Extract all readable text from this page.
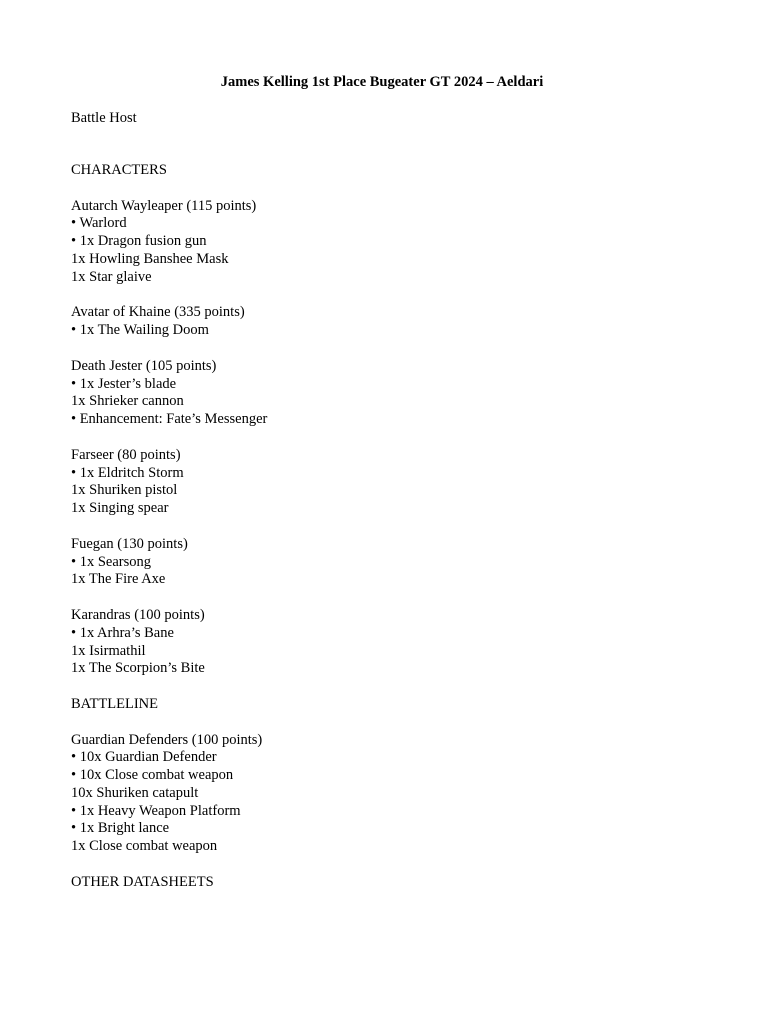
James Kelling 1st Place Bugeater GT 2024 – Aeldari
Battle Host
CHARACTERS
Autarch Wayleaper (115 points)
• Warlord
• 1x Dragon fusion gun
1x Howling Banshee Mask
1x Star glaive
Avatar of Khaine (335 points)
• 1x The Wailing Doom
Death Jester (105 points)
• 1x Jester’s blade
1x Shrieker cannon
• Enhancement: Fate’s Messenger
Farseer (80 points)
• 1x Eldritch Storm
1x Shuriken pistol
1x Singing spear
Fuegan (130 points)
• 1x Searsong
1x The Fire Axe
Karandras (100 points)
• 1x Arhra’s Bane
1x Isirmathil
1x The Scorpion’s Bite
BATTLELINE
Guardian Defenders (100 points)
• 10x Guardian Defender
• 10x Close combat weapon
10x Shuriken catapult
• 1x Heavy Weapon Platform
• 1x Bright lance
1x Close combat weapon
OTHER DATASHEETS
